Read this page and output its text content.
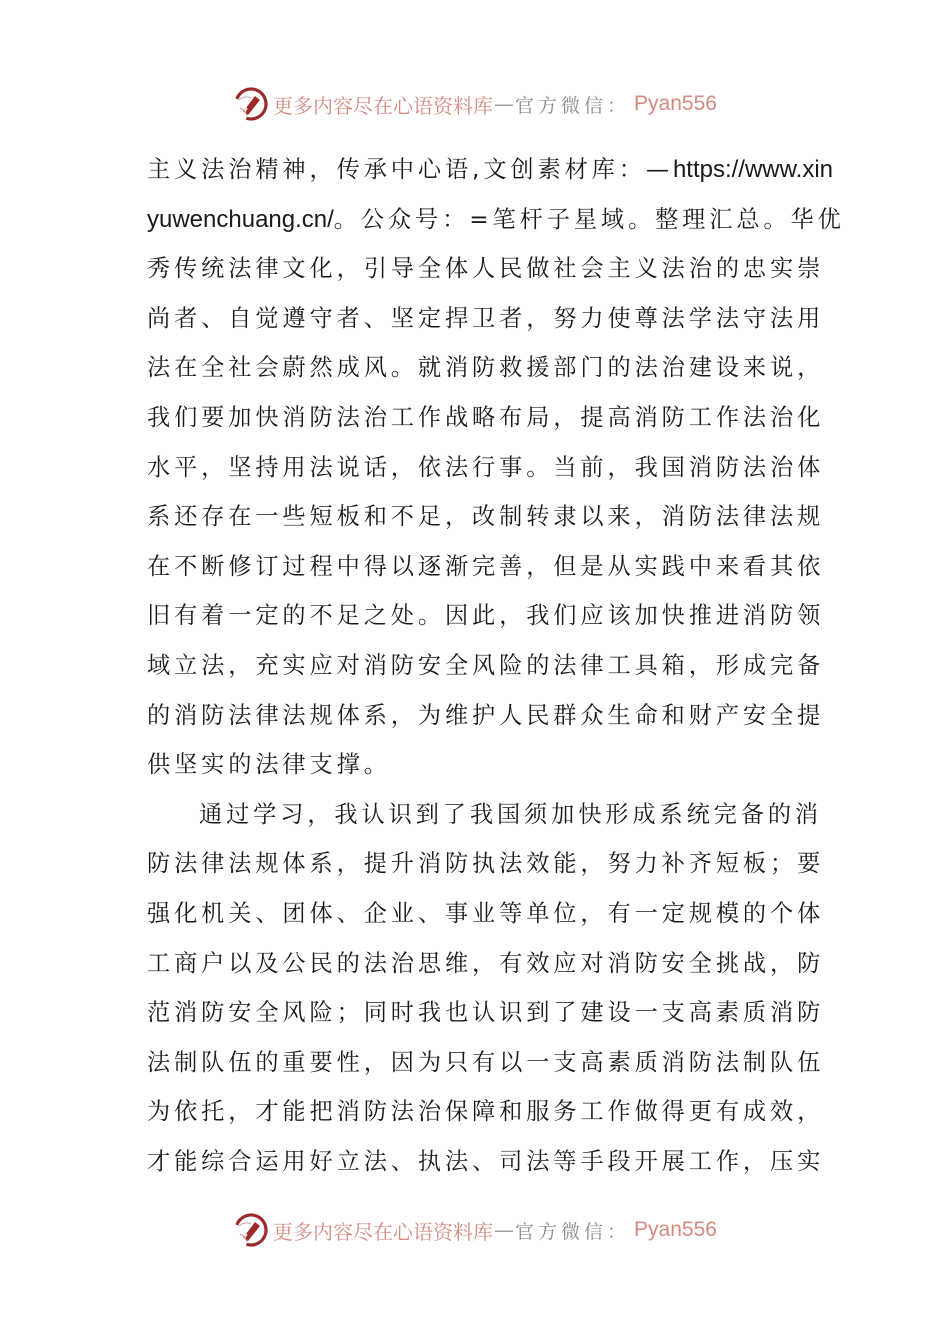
更多内容尽在心语资料库 — 官方微信： Pyan556
主义法治精神，传承中心语,文创素材库：—https://www.xin
yuwenchuang.cn/。公众号：=笔杆子星域。整理汇总。华优
秀传统法律文化，引导全体人民做社会主义法治的忠实崇
尚者、自觉遵守者、坚定捍卫者，努力使尊法学法守法用
法在全社会蔚然成风。就消防救援部门的法治建设来说，
我们要加快消防法治工作战略布局，提高消防工作法治化
水平，坚持用法说话，依法行事。当前，我国消防法治体
系还存在一些短板和不足，改制转隶以来，消防法律法规
在不断修订过程中得以逐渐完善，但是从实践中来看其依
旧有着一定的不足之处。因此，我们应该加快推进消防领
域立法，充实应对消防安全风险的法律工具箱，形成完备
的消防法律法规体系，为维护人民群众生命和财产安全提
供坚实的法律支撑。
通过学习，我认识到了我国须加快形成系统完备的消
防法律法规体系，提升消防执法效能，努力补齐短板；要
强化机关、团体、企业、事业等单位，有一定规模的个体
工商户以及公民的法治思维，有效应对消防安全挑战，防
范消防安全风险；同时我也认识到了建设一支高素质消防
法制队伍的重要性，因为只有以一支高素质消防法制队伍
为依托，才能把消防法治保障和服务工作做得更有成效，
才能综合运用好立法、执法、司法等手段开展工作，压实
更多内容尽在心语资料库 — 官方微信： Pyan556
